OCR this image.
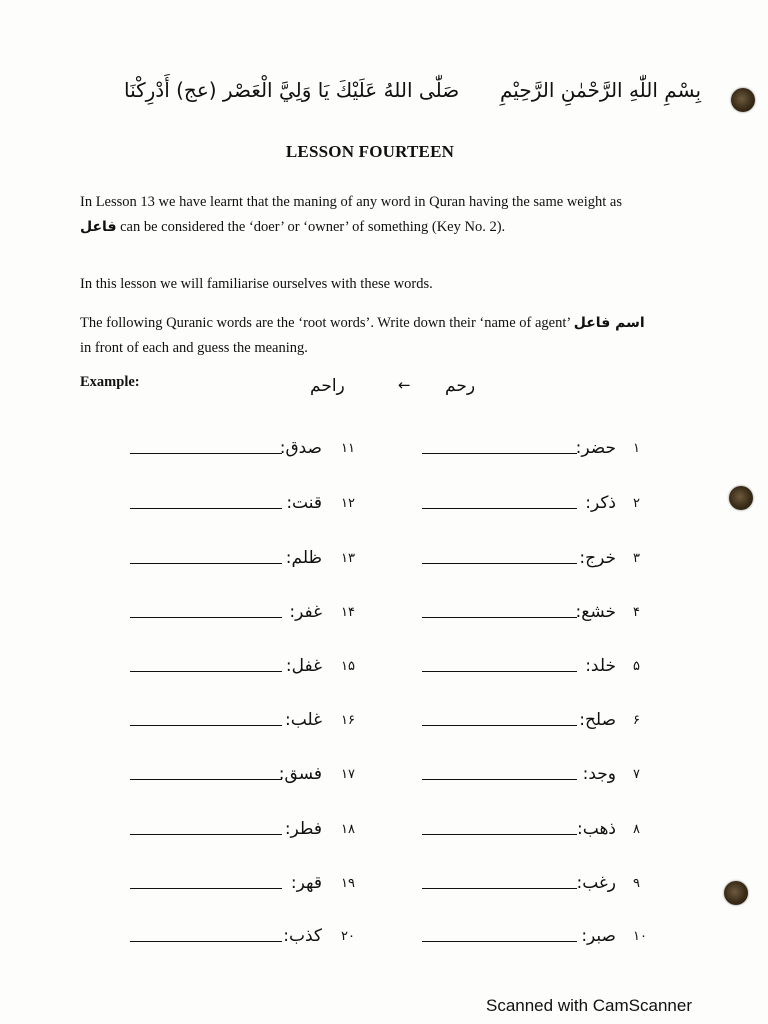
بِسْمِ اللّٰهِ الرَّحْمٰنِ الرَّحِيْمِ
صَلّٰى اللهُ عَلَيْكَ يَا وَلِيَّ الْعَصْر (عج) أَدْرِكْنَا
LESSON FOURTEEN
In Lesson 13 we have learnt that the maning of any word in Quran having the same weight as
فاعل can be considered the ‘doer’ or ‘owner’ of something (Key No. 2).
In this lesson we will familiarise ourselves with these words.
The following Quranic words are the ‘root words’. Write down their ‘name of agent’ اسم فاعل
in front of each and guess the meaning.
Example:	راحم	← رحم
حضر: ۱
ذکر: ۲
خرج: ۳
خشع: ۴
خلد: ۵
صلح: ۶
وجد: ۷
ذهب: ۸
رغب: ۹
صبر: ۱۰
صدق: ۱۱
قنت: ۱۲
ظلم: ۱۳
غفر: ۱۴
غفل: ۱۵
غلب: ۱۶
فسق: ۱۷
فطر: ۱۸
قهر: ۱۹
کذب: ۲۰
Scanned with CamScanner
